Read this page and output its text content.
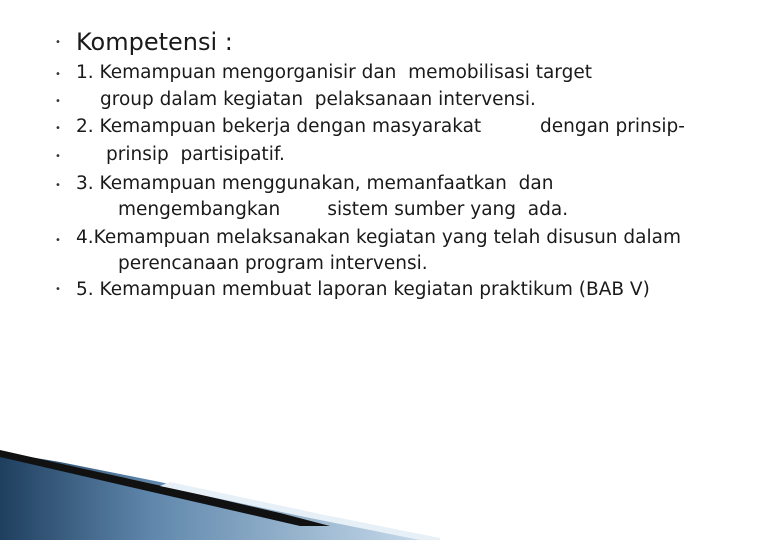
•
•
•
•
•
•
•
•
Kompetensi :
1. Kemampuan mengorganisir dan  memobilisasi target
group dalam kegiatan  pelaksanaan intervensi.
2. Kemampuan bekerja dengan masyarakat          dengan prinsip-
prinsip  partisipatif.
3. Kemampuan menggunakan, memanfaatkan  dan
mengembangkan        sistem sumber yang  ada.
4.Kemampuan melaksanakan kegiatan yang telah disusun dalam
perencanaan program intervensi.
5. Kemampuan membuat laporan kegiatan praktikum (BAB V)
